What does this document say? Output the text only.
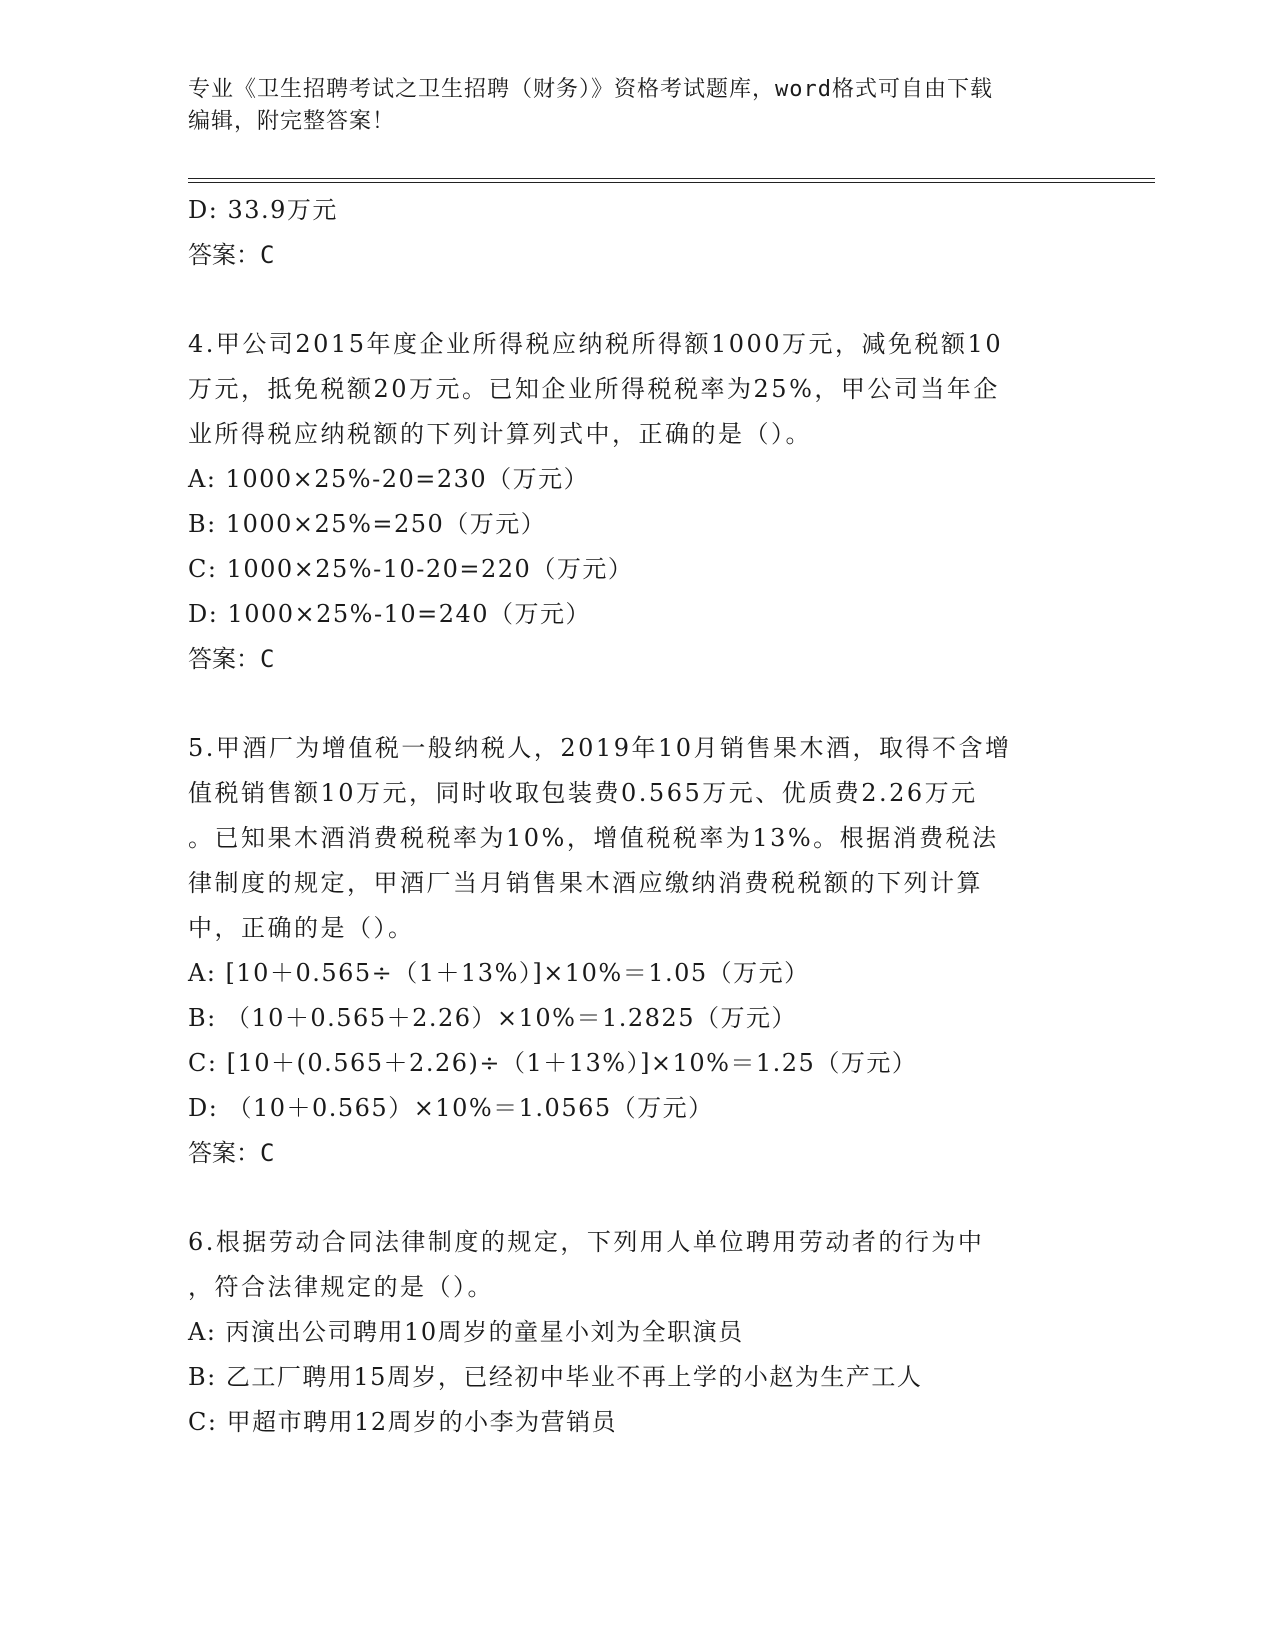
专业《卫生招聘考试之卫生招聘（财务）》资格考试题库，word格式可自由下载
编辑，附完整答案！
D: 33.9万元
答案：C
4.甲公司2015年度企业所得税应纳税所得额1000万元，减免税额10
万元，抵免税额20万元。已知企业所得税税率为25%，甲公司当年企
业所得税应纳税额的下列计算列式中，正确的是（）。
A: 1000×25%-20=230（万元）
B: 1000×25%=250（万元）
C: 1000×25%-10-20=220（万元）
D: 1000×25%-10=240（万元）
答案：C
5.甲酒厂为增值税一般纳税人，2019年10月销售果木酒，取得不含增
值税销售额10万元，同时收取包装费0.565万元、优质费2.26万元
。已知果木酒消费税税率为10%，增值税税率为13%。根据消费税法
律制度的规定，甲酒厂当月销售果木酒应缴纳消费税税额的下列计算
中，正确的是（）。
A: [10＋0.565÷（1＋13%）]×10%＝1.05（万元）
B: （10＋0.565＋2.26）×10%＝1.2825（万元）
C: [10＋(0.565＋2.26)÷（1＋13%）]×10%＝1.25（万元）
D: （10＋0.565）×10%＝1.0565（万元）
答案：C
6.根据劳动合同法律制度的规定，下列用人单位聘用劳动者的行为中
，符合法律规定的是（）。
A: 丙演出公司聘用10周岁的童星小刘为全职演员
B: 乙工厂聘用15周岁，已经初中毕业不再上学的小赵为生产工人
C: 甲超市聘用12周岁的小李为营销员
